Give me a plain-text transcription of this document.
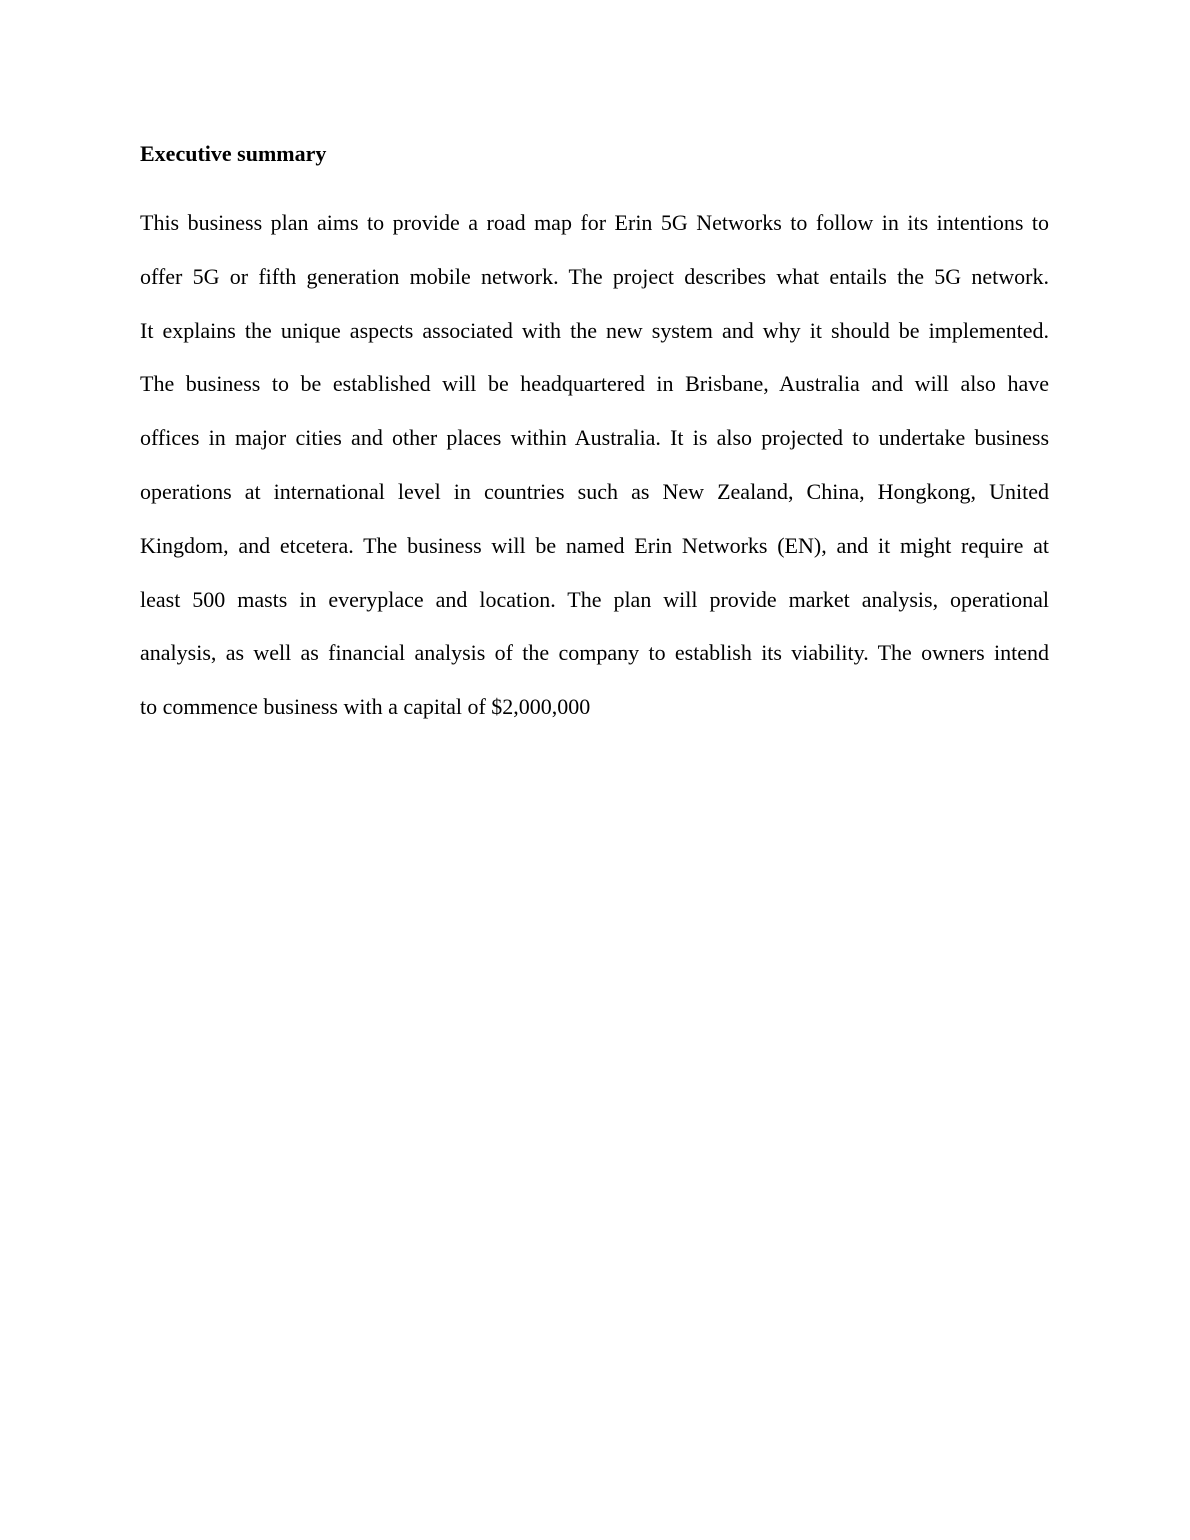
Executive summary
This business plan aims to provide a road map for Erin 5G Networks to follow in its intentions to
offer 5G or fifth generation mobile network. The project describes what entails the 5G network.
It explains the unique aspects associated with the new system and why it should be implemented.
The business to be established will be headquartered in Brisbane, Australia and will also have
offices in major cities and other places within Australia. It is also projected to undertake business
operations at international level in countries such as New Zealand, China, Hongkong, United
Kingdom, and etcetera. The business will be named Erin Networks (EN), and it might require at
least 500 masts in everyplace and location. The plan will provide market analysis, operational
analysis, as well as financial analysis of the company to establish its viability. The owners intend
to commence business with a capital of $2,000,000
